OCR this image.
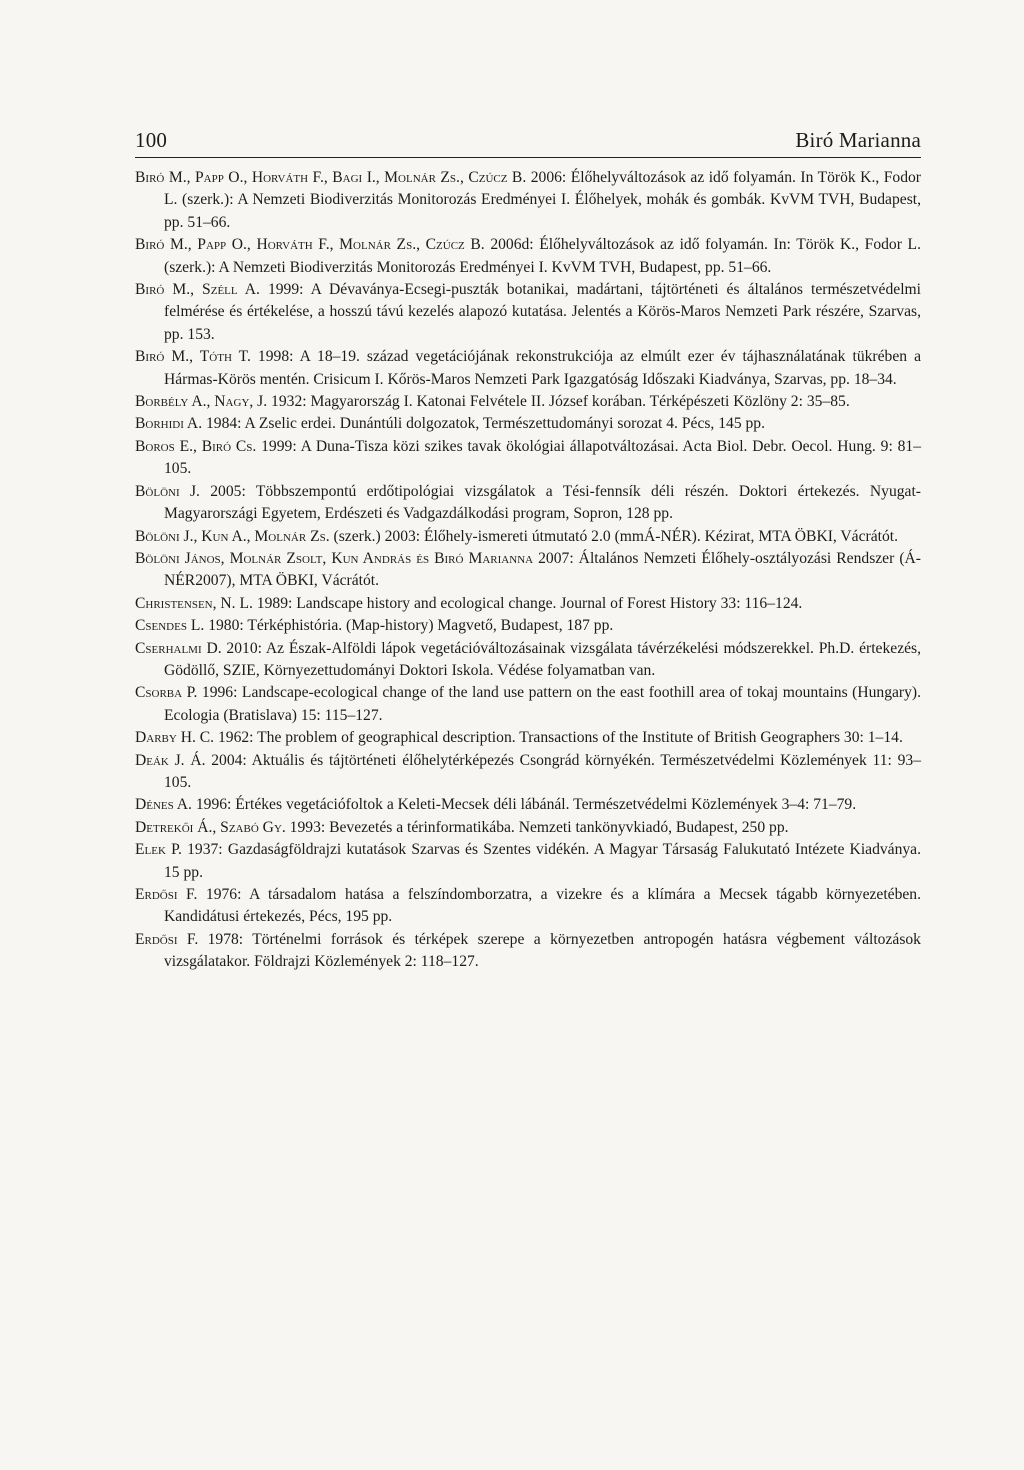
100	Biró Marianna

Biró M., Papp O., Horváth F., Bagi I., Molnár Zs., Czúcz B. 2006: Élőhelyváltozások az idő folyamán. In Török K., Fodor L. (szerk.): A Nemzeti Biodiverzitás Monitorozás Eredményei I. Élőhelyek, mohák és gombák. KvVM TVH, Budapest, pp. 51–66.

Biró M., Papp O., Horváth F., Molnár Zs., Czúcz B. 2006d: Élőhelyváltozások az idő folyamán. In: Török K., Fodor L. (szerk.): A Nemzeti Biodiverzitás Monitorozás Eredményei I. KvVM TVH, Budapest, pp. 51–66.

Biró M., Széll A. 1999: A Dévaványa-Ecsegi-puszták botanikai, madártani, tájtörténeti és általános természetvédelmi felmérése és értékelése, a hosszú távú kezelés alapozó kutatása. Jelentés a Körös-Maros Nemzeti Park részére, Szarvas, pp. 153.

Biró M., Tóth T. 1998: A 18–19. század vegetációjának rekonstrukciója az elmúlt ezer év tájhasználatának tükrében a Hármas-Körös mentén. Crisicum I. Kőrös-Maros Nemzeti Park Igazgatóság Időszaki Kiadványa, Szarvas, pp. 18–34.

Borbély A., Nagy, J. 1932: Magyarország I. Katonai Felvétele II. József korában. Térképészeti Közlöny 2: 35–85.

Borhidi A. 1984: A Zselic erdei. Dunántúli dolgozatok, Természettudományi sorozat 4. Pécs, 145 pp.

Boros E., Biró Cs. 1999: A Duna-Tisza közi szikes tavak ökológiai állapotváltozásai. Acta Biol. Debr. Oecol. Hung. 9: 81–105.

Bölöni J. 2005: Többszempontú erdőtipológiai vizsgálatok a Tési-fennsík déli részén. Doktori értekezés. Nyugat-Magyarországi Egyetem, Erdészeti és Vadgazdálkodási program, Sopron, 128 pp.

Bölöni J., Kun A., Molnár Zs. (szerk.) 2003: Élőhely-ismereti útmutató 2.0 (mmÁ-NÉR). Kézirat, MTA ÖBKI, Vácrátót.

Bölöni János, Molnár Zsolt, Kun András és Biró Marianna 2007: Általános Nemzeti Élőhely-osztályozási Rendszer (Á-NÉR2007), MTA ÖBKI, Vácrátót.

Christensen, N. L. 1989: Landscape history and ecological change. Journal of Forest History 33: 116–124.

Csendes L. 1980: Térképhistória. (Map-history) Magvető, Budapest, 187 pp.

Cserhalmi D. 2010: Az Észak-Alföldi lápok vegetációváltozásainak vizsgálata távérzékelési módszerekkel. Ph.D. értekezés, Gödöllő, SZIE, Környezettudományi Doktori Iskola. Védése folyamatban van.

Csorba P. 1996: Landscape-ecological change of the land use pattern on the east foothill area of tokaj mountains (Hungary). Ecologia (Bratislava) 15: 115–127.

Darby H. C. 1962: The problem of geographical description. Transactions of the Institute of British Geographers 30: 1–14.

Deák J. Á. 2004: Aktuális és tájtörténeti élőhelytérképezés Csongrád környékén. Természetvédelmi Közlemények 11: 93–105.

Dénes A. 1996: Értékes vegetációfoltok a Keleti-Mecsek déli lábánál. Természetvédelmi Közlemények 3–4: 71–79.

Detrekői Á., Szabó Gy. 1993: Bevezetés a térinformatikába. Nemzeti tankönyvkiadó, Budapest, 250 pp.

Elek P. 1937: Gazdaságföldrajzi kutatások Szarvas és Szentes vidékén. A Magyar Társaság Falukutató Intézete Kiadványa. 15 pp.

Erdősi F. 1976: A társadalom hatása a felszíndomborzatra, a vizekre és a klímára a Mecsek tágabb környezetében. Kandidátusi értekezés, Pécs, 195 pp.

Erdősi F. 1978: Történelmi források és térképek szerepe a környezetben antropogén hatásra végbement változások vizsgálatakor. Földrajzi Közlemények 2: 118–127.
